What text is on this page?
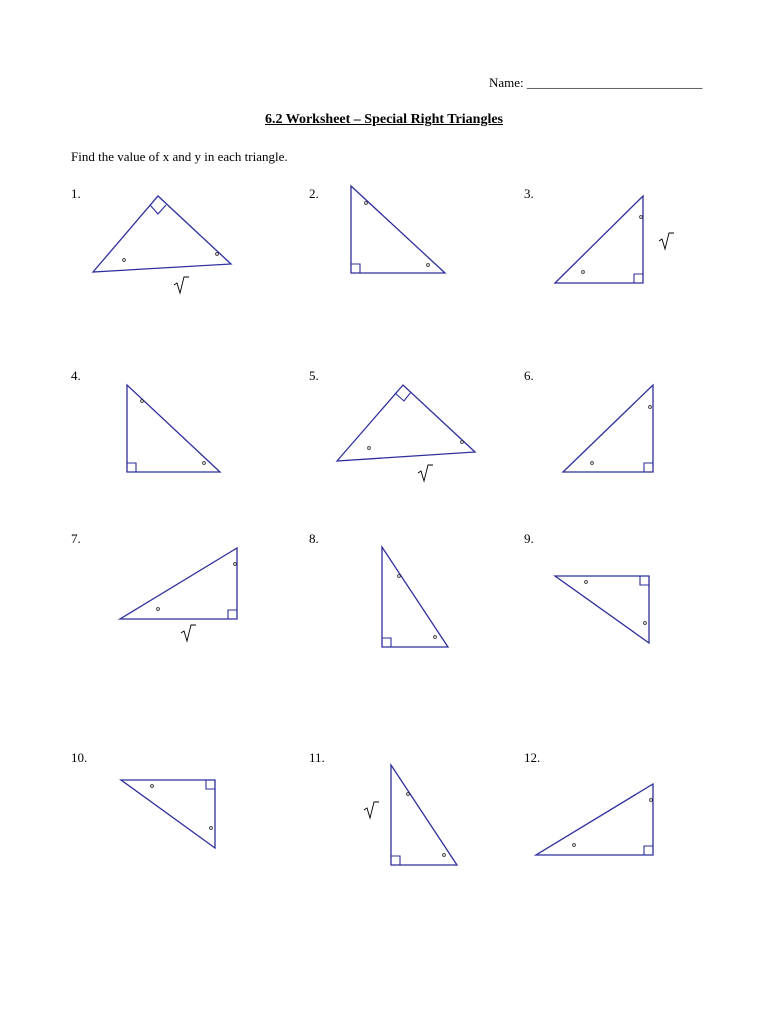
Name: ___________________________
6.2 Worksheet – Special Right Triangles
Find the value of x and y in each triangle.
1.	2.	3.
4.	5.	6.
7.	8.	9.
10.	11.	12.
